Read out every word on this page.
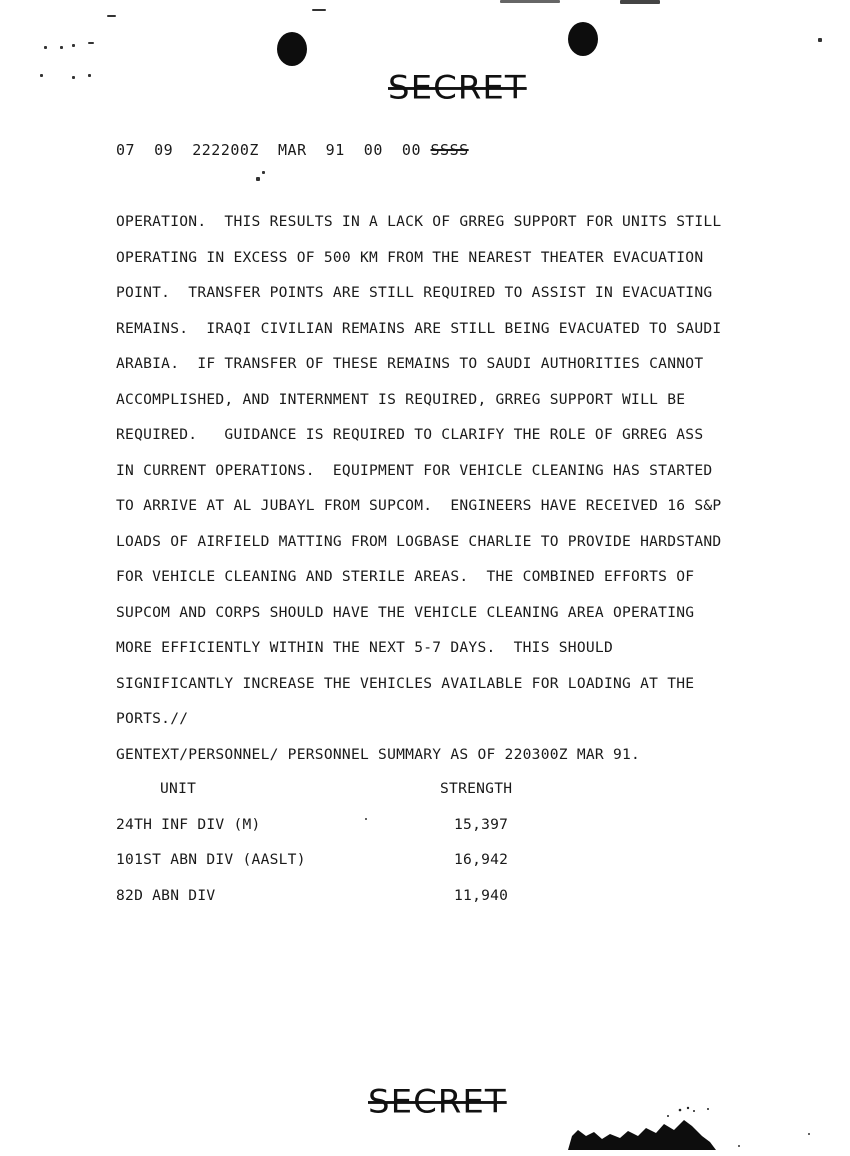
SECRET
07  09  222200Z  MAR  91  00  00 SSSS
OPERATION.  THIS RESULTS IN A LACK OF GRREG SUPPORT FOR UNITS STILL
OPERATING IN EXCESS OF 500 KM FROM THE NEAREST THEATER EVACUATION
POINT.  TRANSFER POINTS ARE STILL REQUIRED TO ASSIST IN EVACUATING
REMAINS.  IRAQI CIVILIAN REMAINS ARE STILL BEING EVACUATED TO SAUDI
ARABIA.  IF TRANSFER OF THESE REMAINS TO SAUDI AUTHORITIES CANNOT
ACCOMPLISHED, AND INTERNMENT IS REQUIRED, GRREG SUPPORT WILL BE
REQUIRED.   GUIDANCE IS REQUIRED TO CLARIFY THE ROLE OF GRREG ASS
IN CURRENT OPERATIONS.  EQUIPMENT FOR VEHICLE CLEANING HAS STARTED
TO ARRIVE AT AL JUBAYL FROM SUPCOM.  ENGINEERS HAVE RECEIVED 16 S&P
LOADS OF AIRFIELD MATTING FROM LOGBASE CHARLIE TO PROVIDE HARDSTAND
FOR VEHICLE CLEANING AND STERILE AREAS.  THE COMBINED EFFORTS OF
SUPCOM AND CORPS SHOULD HAVE THE VEHICLE CLEANING AREA OPERATING
MORE EFFICIENTLY WITHIN THE NEXT 5-7 DAYS.  THIS SHOULD
SIGNIFICANTLY INCREASE THE VEHICLES AVAILABLE FOR LOADING AT THE
PORTS.//
GENTEXT/PERSONNEL/ PERSONNEL SUMMARY AS OF 220300Z MAR 91.
UNIT	STRENGTH
24TH INF DIV (M)	15,397
101ST ABN DIV (AASLT)	16,942
82D ABN DIV	11,940
SECRET
